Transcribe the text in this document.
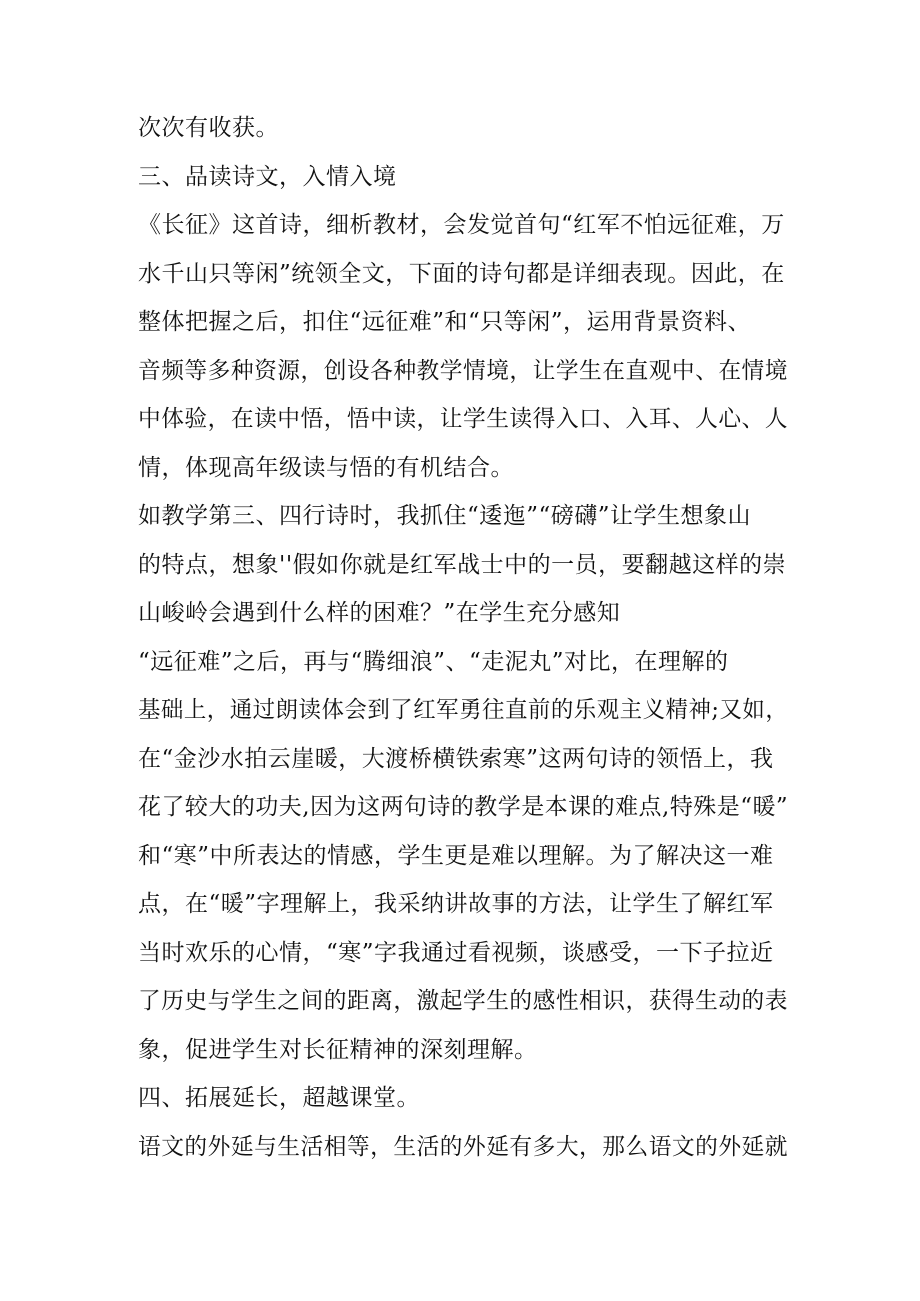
次次有收获。
三、品读诗文，入情入境
《长征》这首诗，细析教材，会发觉首句“红军不怕远征难，万
水千山只等闲”统领全文，下面的诗句都是详细表现。因此，在
整体把握之后，扣住“远征难”和“只等闲”，运用背景资料、
音频等多种资源，创设各种教学情境，让学生在直观中、在情境
中体验，在读中悟，悟中读，让学生读得入口、入耳、人心、人
情，体现高年级读与悟的有机结合。
如教学第三、四行诗时，我抓住“逶迤”“磅礴”让学生想象山
的特点，想象''假如你就是红军战士中的一员，要翻越这样的崇
山峻岭会遇到什么样的困难？”在学生充分感知
“远征难”之后，再与“腾细浪”、“走泥丸”对比，在理解的
基础上，通过朗读体会到了红军勇往直前的乐观主义精神;又如，
在“金沙水拍云崖暖，大渡桥横铁索寒”这两句诗的领悟上，我
花了较大的功夫,因为这两句诗的教学是本课的难点,特殊是“暖”
和“寒”中所表达的情感，学生更是难以理解。为了解决这一难
点，在“暖”字理解上，我采纳讲故事的方法，让学生了解红军
当时欢乐的心情，“寒”字我通过看视频，谈感受，一下子拉近
了历史与学生之间的距离，激起学生的感性相识，获得生动的表
象，促进学生对长征精神的深刻理解。
四、拓展延长，超越课堂。
语文的外延与生活相等，生活的外延有多大，那么语文的外延就
